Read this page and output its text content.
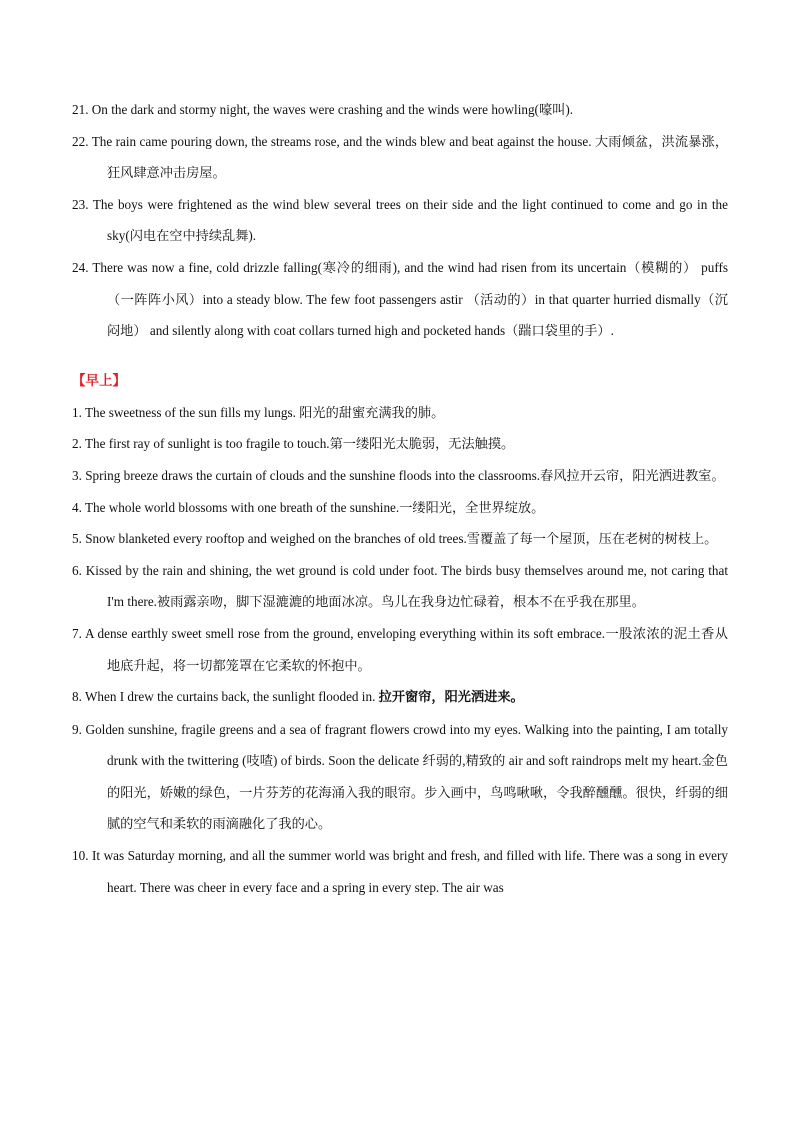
21. On the dark and stormy night, the waves were crashing and the winds were howling(嚎叫).

22. The rain came pouring down, the streams rose, and the winds blew and beat against the house. 大雨倾盆，洪流暴涨，狂风肆意冲击房屋。

23. The boys were frightened as the wind blew several trees on their side and the light continued to come and go in the sky(闪电在空中持续乱舞).

24. There was now a fine, cold drizzle falling(寒冷的细雨), and the wind had risen from its uncertain（模糊的） puffs （一阵阵小风）into a steady blow. The few foot passengers astir （活动的）in that quarter hurried dismally（沉闷地） and silently along with coat collars turned high and pocketed hands（踹口袋里的手）.

【早上】

1. The sweetness of the sun fills my lungs. 阳光的甜蜜充满我的肺。

2. The first ray of sunlight is too fragile to touch.第一缕阳光太脆弱，无法触摸。

3. Spring breeze draws the curtain of clouds and the sunshine floods into the classrooms.春风拉开云帘，阳光洒进教室。

4. The whole world blossoms with one breath of the sunshine.一缕阳光，全世界绽放。

5. Snow blanketed every rooftop and weighed on the branches of old trees.雪覆盖了每一个屋顶，压在老树的树枝上。

6. Kissed by the rain and shining, the wet ground is cold under foot. The birds busy themselves around me, not caring that I'm there.被雨露亲吻，脚下湿漉漉的地面冰凉。鸟儿在我身边忙碌着，根本不在乎我在那里。

7. A dense earthly sweet smell rose from the ground, enveloping everything within its soft embrace.一股浓浓的泥土香从地底升起，将一切都笼罩在它柔软的怀抱中。

8. When I drew the curtains back, the sunlight flooded in. 拉开窗帘，阳光洒进来。

9. Golden sunshine, fragile greens and a sea of fragrant flowers crowd into my eyes. Walking into the painting, I am totally drunk with the twittering (吱喳) of birds. Soon the delicate 纤弱的,精致的 air and soft raindrops melt my heart.金色的阳光，娇嫩的绿色，一片芬芳的花海涌入我的眼帘。步入画中，鸟鸣啾啾，令我醉醺醺。很快，纤弱的细腻的空气和柔软的雨滴融化了我的心。

10. It was Saturday morning, and all the summer world was bright and fresh, and filled with life. There was a song in every heart. There was cheer in every face and a spring in every step. The air was
